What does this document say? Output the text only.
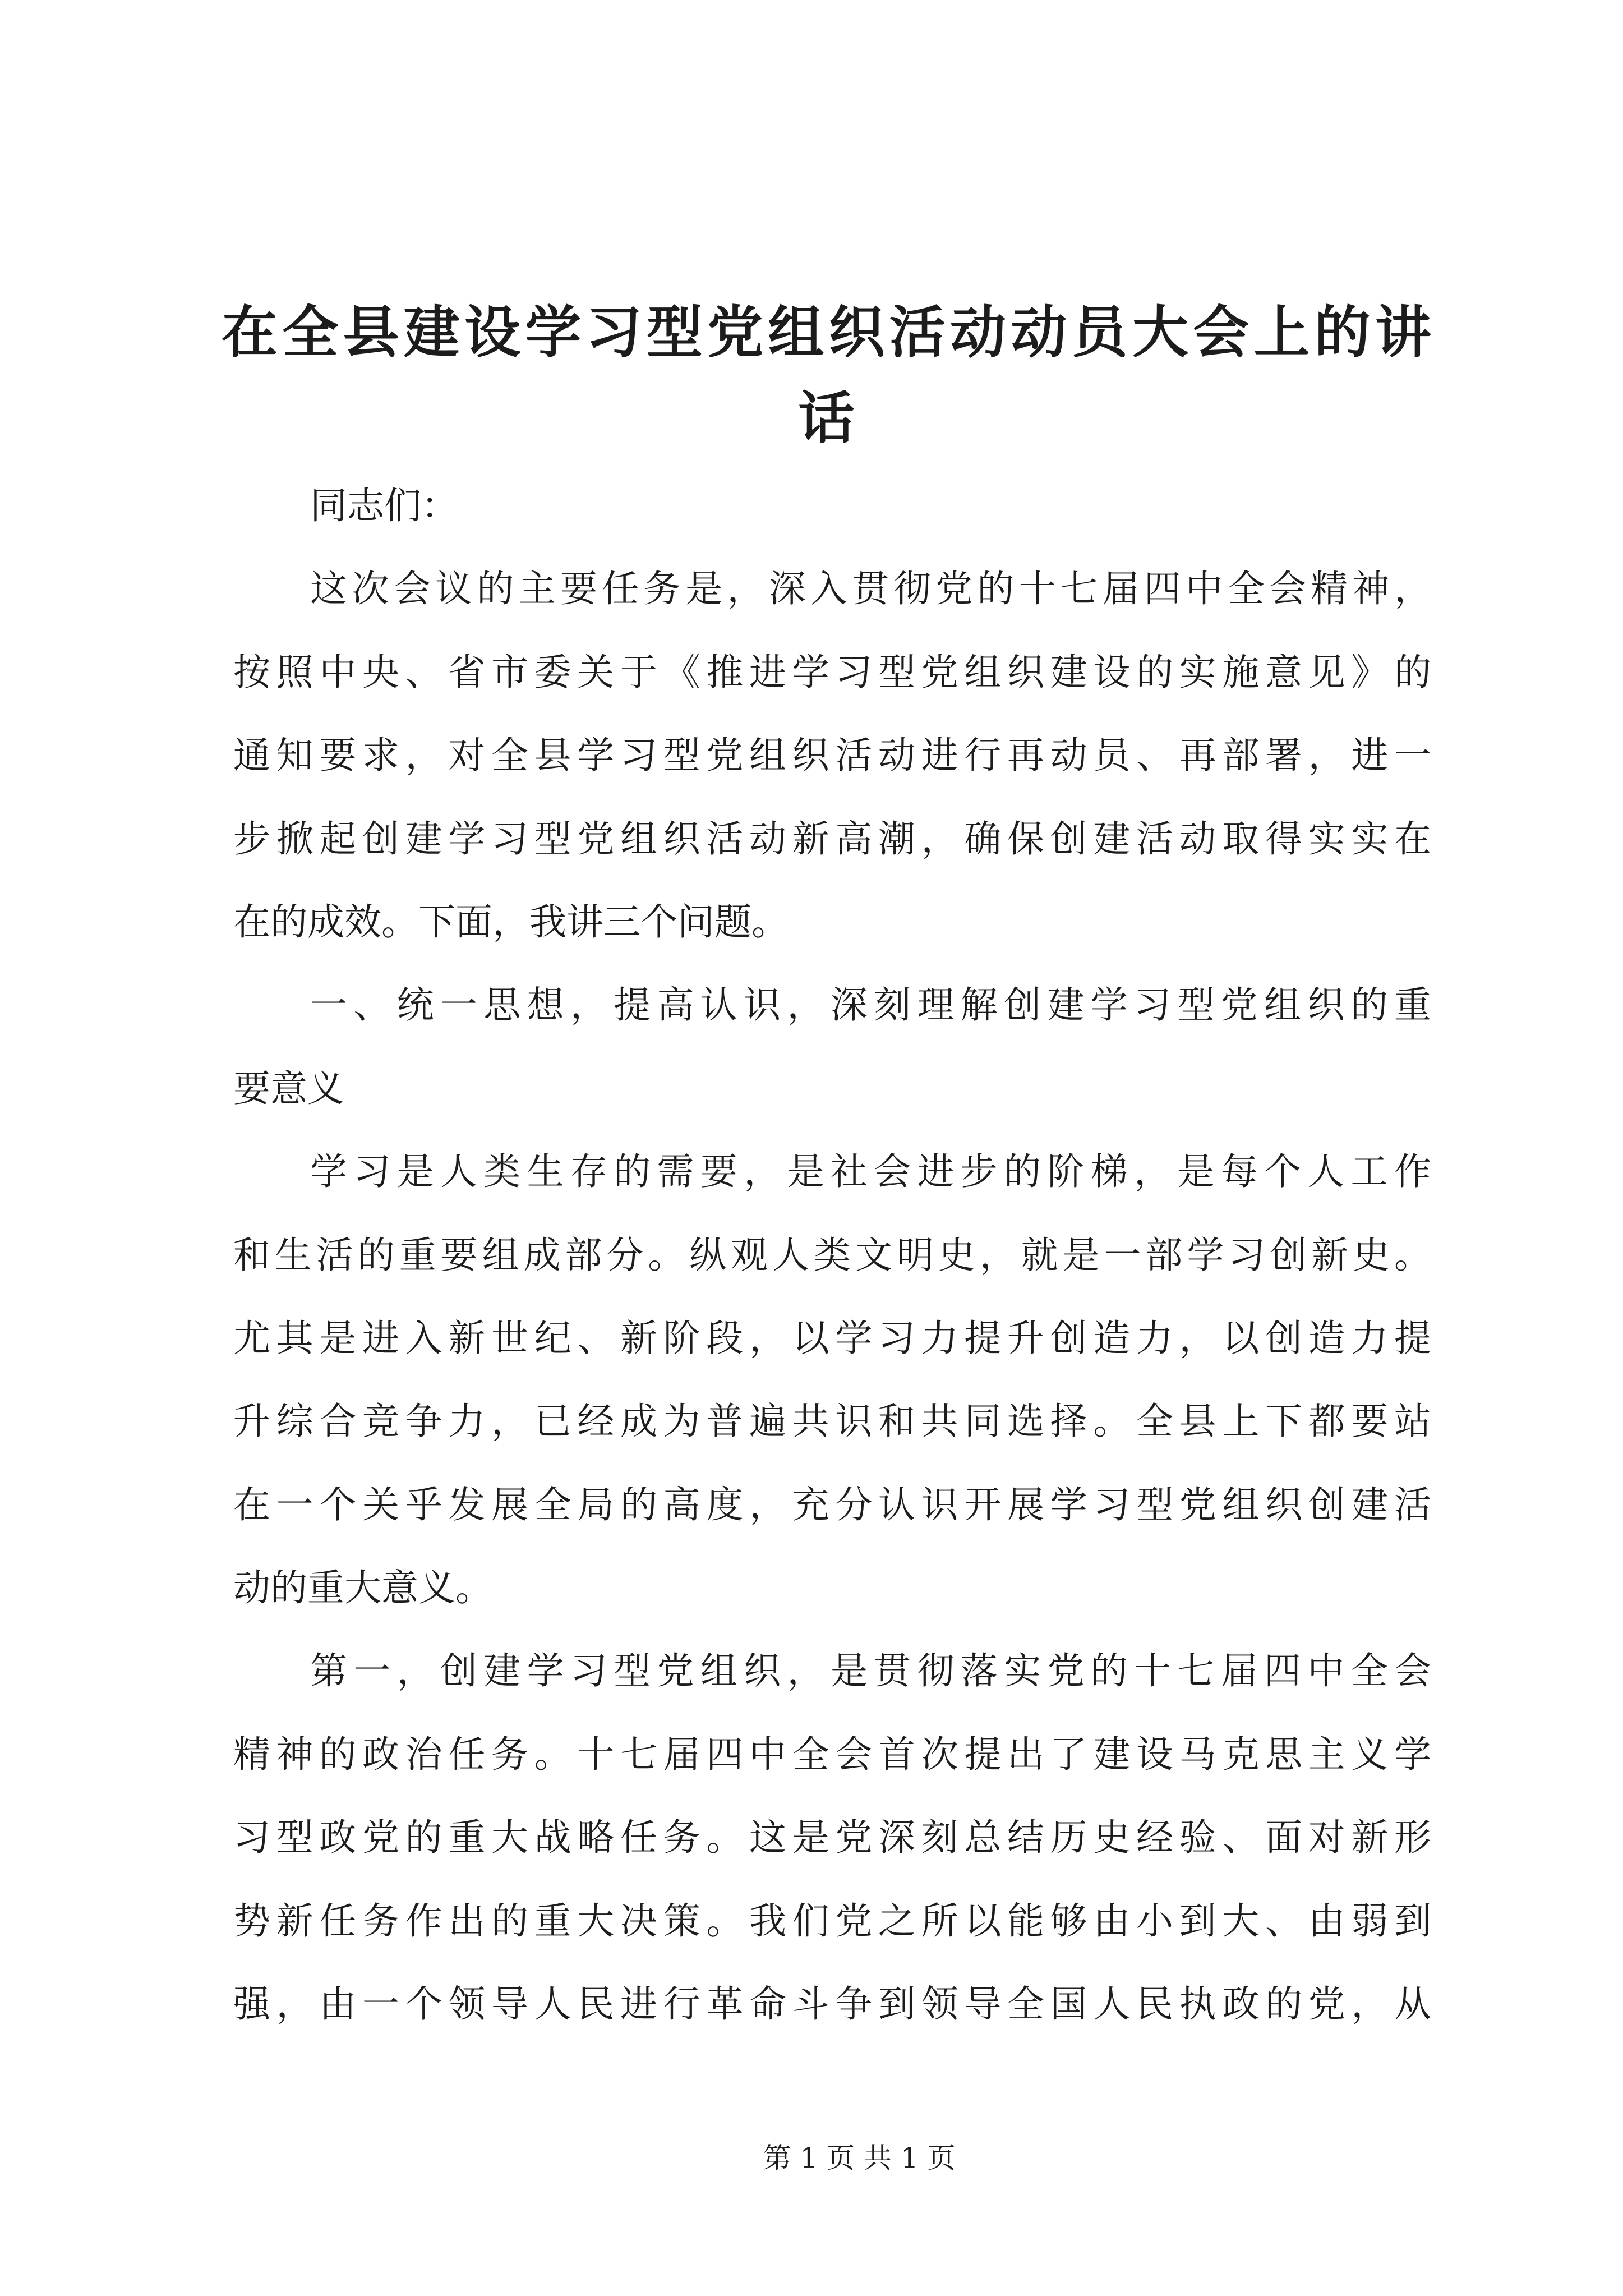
在全县建设学习型党组织活动动员大会上的讲
话
同志们：
这次会议的主要任务是，深入贯彻党的十七届四中全会精神，
按照中央、省市委关于《推进学习型党组织建设的实施意见》的
通知要求，对全县学习型党组织活动进行再动员、再部署，进一
步掀起创建学习型党组织活动新高潮，确保创建活动取得实实在
在的成效。下面，我讲三个问题。
一、统一思想，提高认识，深刻理解创建学习型党组织的重
要意义
学习是人类生存的需要，是社会进步的阶梯，是每个人工作
和生活的重要组成部分。纵观人类文明史，就是一部学习创新史。
尤其是进入新世纪、新阶段，以学习力提升创造力，以创造力提
升综合竞争力，已经成为普遍共识和共同选择。全县上下都要站
在一个关乎发展全局的高度，充分认识开展学习型党组织创建活
动的重大意义。
第一，创建学习型党组织，是贯彻落实党的十七届四中全会
精神的政治任务。十七届四中全会首次提出了建设马克思主义学
习型政党的重大战略任务。这是党深刻总结历史经验、面对新形
势新任务作出的重大决策。我们党之所以能够由小到大、由弱到
强，由一个领导人民进行革命斗争到领导全国人民执政的党，从
第 1 页 共 1 页
